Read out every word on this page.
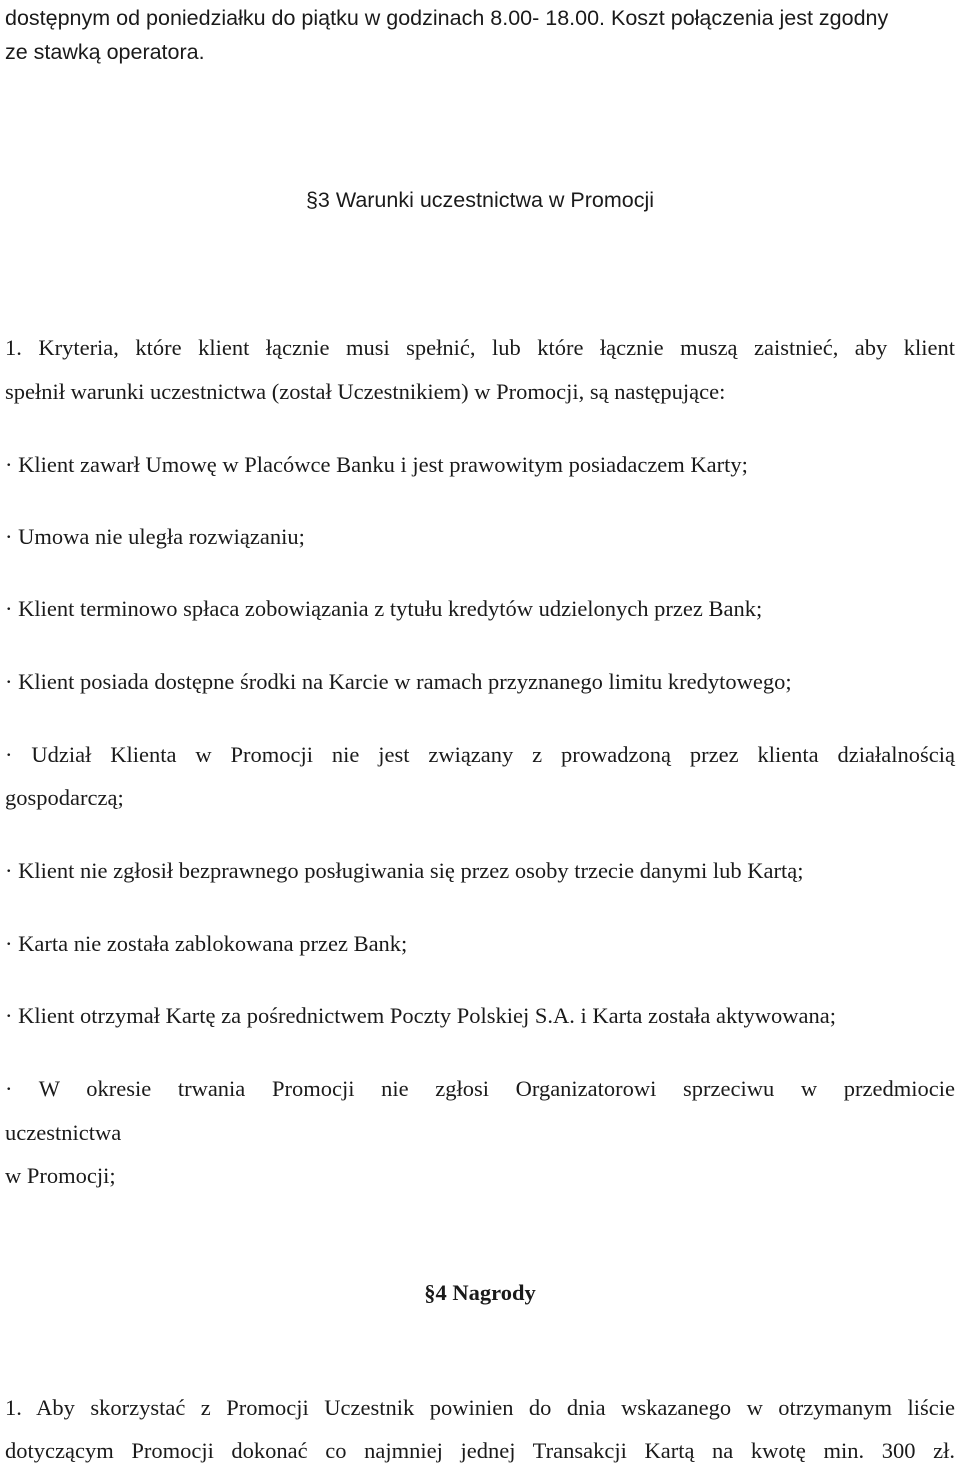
dostępnym od poniedziałku do piątku w godzinach 8.00- 18.00. Koszt połączenia jest zgodny
ze stawką operatora.
§3 Warunki uczestnictwa w Promocji
1. Kryteria, które klient łącznie musi spełnić, lub które łącznie muszą zaistnieć, aby klient
spełnił warunki uczestnictwa (został Uczestnikiem) w Promocji, są następujące:
· Klient zawarł Umowę w Placówce Banku i jest prawowitym posiadaczem Karty;
· Umowa nie uległa rozwiązaniu;
· Klient terminowo spłaca zobowiązania z tytułu kredytów udzielonych przez Bank;
· Klient posiada dostępne środki na Karcie w ramach przyznanego limitu kredytowego;
· Udział Klienta w Promocji nie jest związany z prowadzoną przez klienta działalnością
gospodarczą;
· Klient nie zgłosił bezprawnego posługiwania się przez osoby trzecie danymi lub Kartą;
· Karta nie została zablokowana przez Bank;
· Klient otrzymał Kartę za pośrednictwem Poczty Polskiej S.A. i Karta została aktywowana;
· W okresie trwania Promocji nie zgłosi Organizatorowi sprzeciwu w przedmiocie
uczestnictwa
w Promocji;
§4 Nagrody
1. Aby skorzystać z Promocji Uczestnik powinien do dnia wskazanego w otrzymanym liście
dotyczącym Promocji dokonać co najmniej jednej Transakcji Kartą na kwotę min. 300 zł.
